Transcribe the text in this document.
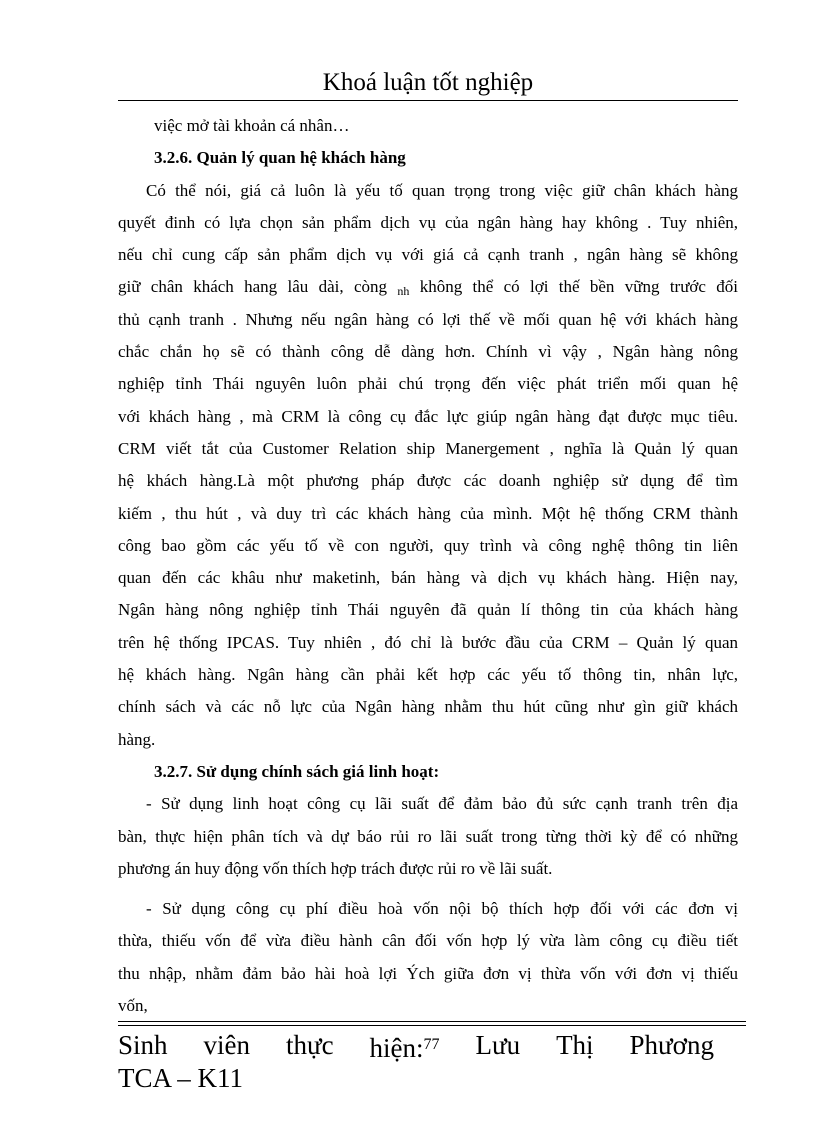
Khoá luận tốt nghiệp
việc mở tài khoản cá nhân…
3.2.6. Quản lý quan hệ khách hàng
Có thể nói, giá cả luôn là yếu tố quan trọng trong việc giữ chân khách hàng
quyết đinh có lựa chọn sản phẩm dịch vụ của ngân hàng hay không . Tuy nhiên,
nếu chỉ cung cấp sản phẩm dịch vụ với giá cả cạnh tranh , ngân hàng sẽ không
giữ chân khách hang lâu dài, còng $_{nh}$ không thể có lợi thế bền vững trước đối
thủ cạnh tranh . Nhưng nếu ngân hàng có lợi thế về mối quan hệ với khách hàng
chắc chắn họ sẽ có thành công dễ dàng hơn. Chính vì vậy , Ngân hàng nông
nghiệp tỉnh Thái nguyên luôn phải chú trọng đến việc phát triển mối quan hệ
với khách hàng , mà CRM là công cụ đắc lực giúp ngân hàng đạt được mục tiêu.
CRM viết tắt của Customer Relation ship Manergement , nghĩa là Quản lý quan
hệ khách hàng.Là một phương pháp được các doanh nghiệp sử dụng để tìm
kiếm , thu hút , và duy trì các khách hàng của mình. Một hệ thống CRM thành
công bao gồm các yếu tố về con người, quy trình và công nghệ thông tin liên
quan đến các khâu như maketinh, bán hàng và dịch vụ khách hàng. Hiện nay,
Ngân hàng nông nghiệp tỉnh Thái nguyên đã quản lí thông tin của khách hàng
trên hệ thống IPCAS. Tuy nhiên , đó chỉ là bước đầu của CRM – Quản lý quan
hệ khách hàng. Ngân hàng cần phải kết hợp các yếu tố thông tin, nhân lực,
chính sách và các nỗ lực của Ngân hàng nhằm thu hút cũng như gìn giữ khách
hàng.
3.2.7. Sử dụng chính sách giá linh hoạt:
- Sử dụng linh hoạt công cụ lãi suất để đảm bảo đủ sức cạnh tranh trên địa
bàn, thực hiện phân tích và dự báo rủi ro lãi suất trong từng thời kỳ để có những
phương án huy động vốn thích hợp trách được rủi ro về lãi suất.
- Sử dụng công cụ phí điều hoà vốn nội bộ thích hợp đối với các đơn vị
thừa, thiếu vốn để vừa điều hành cân đối vốn hợp lý vừa làm công cụ điều tiết
thu nhập, nhằm đảm bảo hài hoà lợi Ých giữa đơn vị thừa vốn với đơn vị thiếu
vốn,
Sinh viên thực hiện:$^{77}$ Lưu Thị Phương
TCA – K11
